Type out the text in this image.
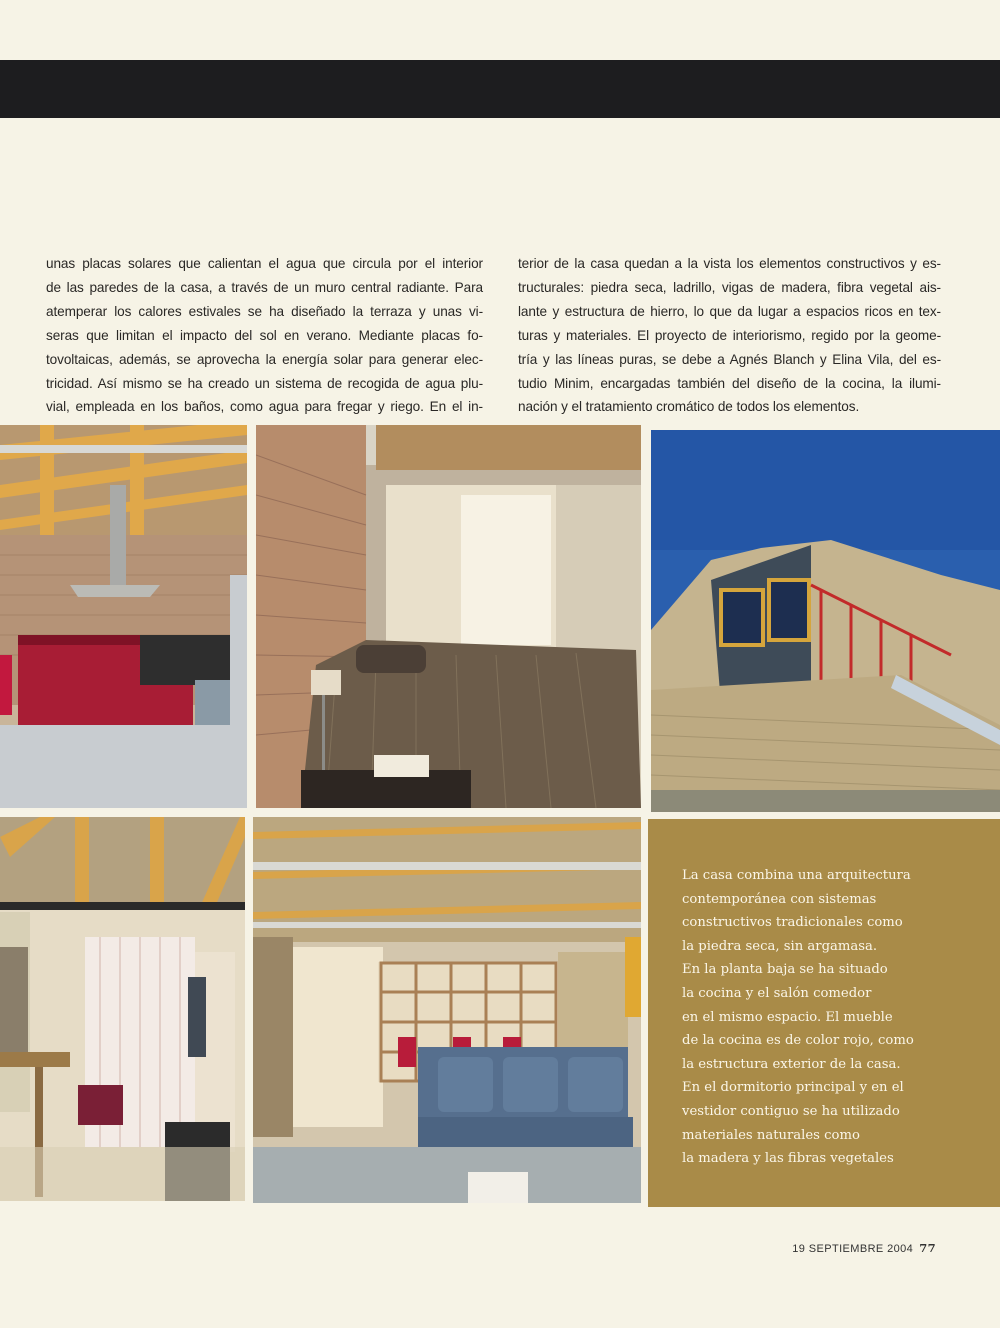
unas placas solares que calientan el agua que circula por el interior
de las paredes de la casa, a través de un muro central radiante. Para
atemperar los calores estivales se ha diseñado la terraza y unas vi-
seras que limitan el impacto del sol en verano. Mediante placas fo-
tovoltaicas, además, se aprovecha la energía solar para generar elec-
tricidad. Así mismo se ha creado un sistema de recogida de agua plu-
vial, empleada en los baños, como agua para fregar y riego. En el in-
terior de la casa quedan a la vista los elementos constructivos y es-
tructurales: piedra seca, ladrillo, vigas de madera, fibra vegetal ais-
lante y estructura de hierro, lo que da lugar a espacios ricos en tex-
turas y materiales. El proyecto de interiorismo, regido por la geome-
tría y las líneas puras, se debe a Agnés Blanch y Elina Vila, del es-
tudio Minim, encargadas también del diseño de la cocina, la ilumi-
nación y el tratamiento cromático de todos los elementos.
La casa combina una arquitectura
contemporánea con sistemas
constructivos tradicionales como
la piedra seca, sin argamasa.
En la planta baja se ha situado
la cocina y el salón comedor
en el mismo espacio. El mueble
de la cocina es de color rojo, como
la estructura exterior de la casa.
En el dormitorio principal y en el
vestidor contiguo se ha utilizado
materiales naturales como
la madera y las fibras vegetales
19 SEPTIEMBRE 2004 77
